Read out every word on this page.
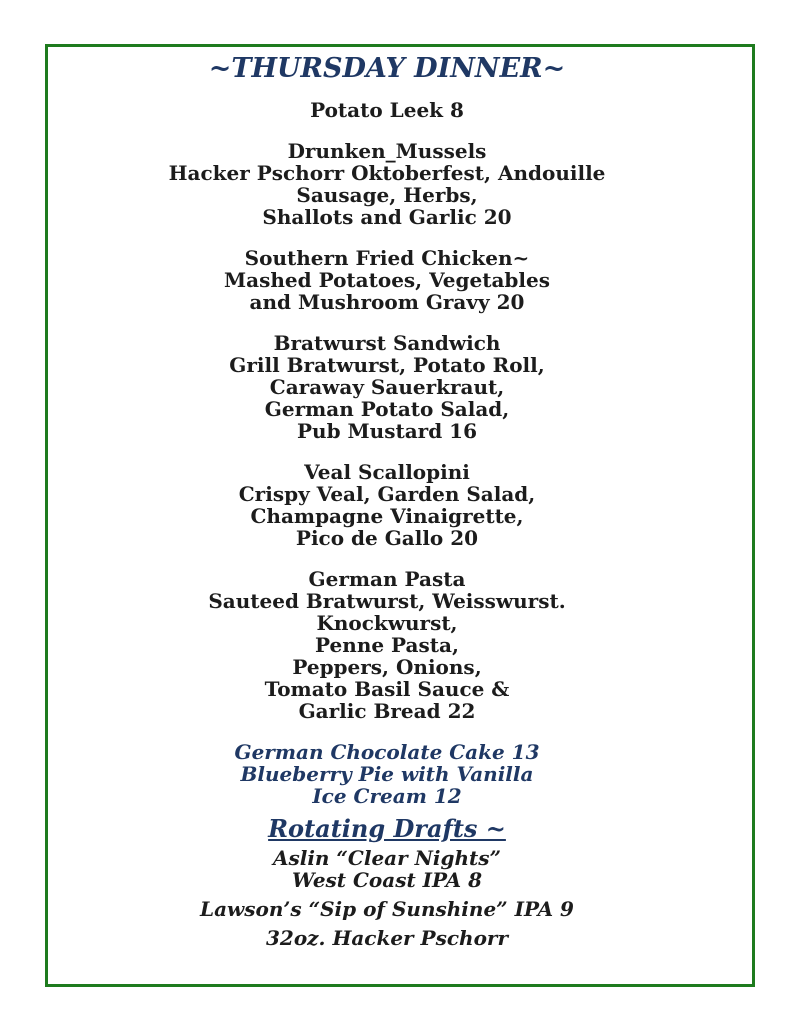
~THURSDAY DINNER~
Potato Leek 8
Drunken_Mussels
Hacker Pschorr Oktoberfest, Andouille
Sausage, Herbs,
Shallots and Garlic 20
Southern Fried Chicken~
Mashed Potatoes, Vegetables
and Mushroom Gravy 20
Bratwurst Sandwich
Grill Bratwurst, Potato Roll,
Caraway Sauerkraut,
German Potato Salad,
Pub Mustard 16
Veal Scallopini
Crispy Veal, Garden Salad,
Champagne Vinaigrette,
Pico de Gallo 20
German Pasta
Sauteed Bratwurst, Weisswurst.
Knockwurst,
Penne Pasta,
Peppers, Onions,
Tomato Basil Sauce &
Garlic Bread 22
German Chocolate Cake 13
Blueberry Pie with Vanilla
Ice Cream 12
Rotating Drafts ~
Aslin “Clear Nights”
West Coast IPA 8
Lawson’s “Sip of Sunshine” IPA 9
32oz. Hacker Pschorr
